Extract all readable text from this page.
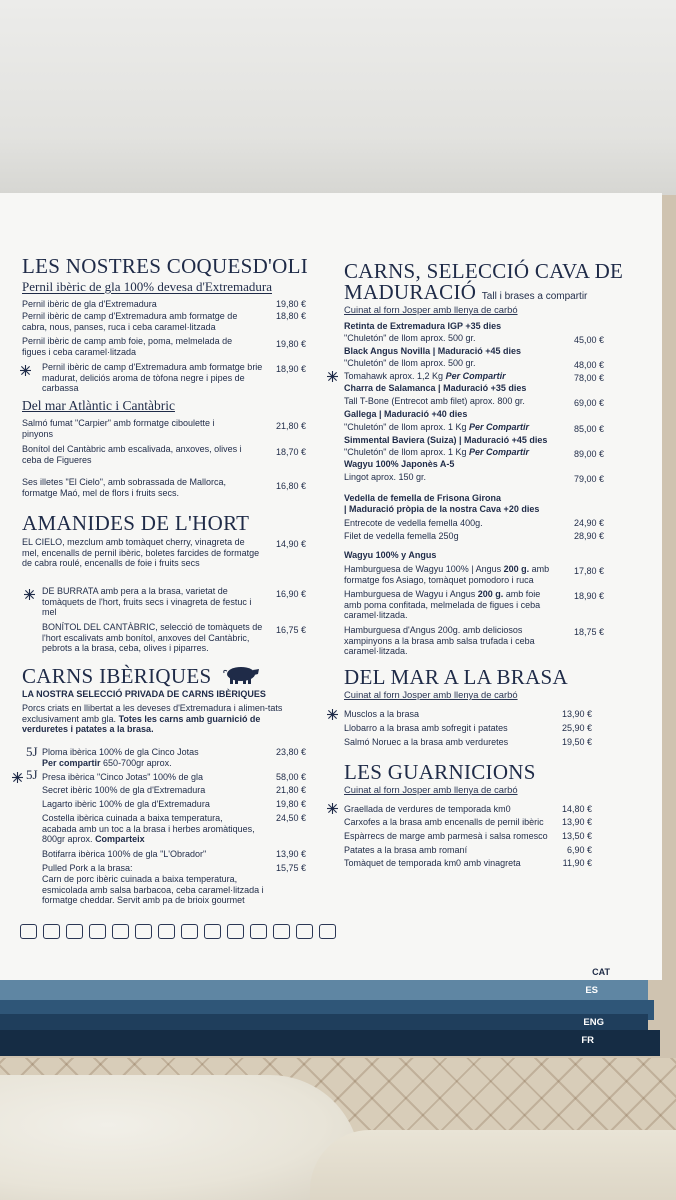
LES NOSTRES COQUESD'OLI
Pernil ibèric de gla 100% devesa d'Extremadura
Pernil ibèric de gla d'Extremadura	19,80 €
Pernil ibèric de camp d'Extremadura amb formatge de cabra, nous, panses, ruca i ceba caramel·litzada
18,80 €
Pernil ibèric de camp amb foie, poma, melmelada de figues i ceba caramel·litzada
19,80 €
Pernil ibèric de camp d'Extremadura amb formatge brie madurat, deliciós aroma de tòfona negre i pipes de carbassa
18,90 €
Del mar Atlàntic i Cantàbric
Salmó fumat "Carpier" amb formatge ciboulette i pinyons
21,80 €
Bonítol del Cantàbric amb escalivada, anxoves, olives i ceba de Figueres
18,70 €
Ses illetes "El Cielo", amb sobrassada de Mallorca, formatge Maó, mel de flors i fruits secs.
16,80 €
AMANIDES DE L'HORT
EL CIELO, mezclum amb tomàquet cherry, vinagreta de mel, encenalls de pernil ibèric, boletes farcides de formatge de cabra roulé, encenalls de foie i fruits secs
14,90 €
DE BURRATA amb pera a la brasa, varietat de tomàquets de l'hort, fruits secs i vinagreta de festuc i mel
16,90 €
BONÍTOL DEL CANTÀBRIC, selecció de tomàquets de l'hort escalivats amb bonítol, anxoves del Cantàbric, pebrots a la brasa, ceba, olives i piparres.
16,75 €
CARNS IBÈRIQUES
LA NOSTRA SELECCIÓ PRIVADA DE CARNS IBÈRIQUES
Porcs criats en llibertat a les deveses d'Extremadura i alimen-tats exclusivament amb gla. Totes les carns amb guarnició de verduretes i patates a la brasa.
5J Ploma ibèrica 100% de gla Cinco Jotas	23,80 €
Per compartir 650-700gr aprox.
5J Presa ibèrica "Cinco Jotas" 100% de gla	58,00 €
Secret ibèric 100% de gla d'Extremadura	21,80 €
Lagarto ibèric 100% de gla d'Extremadura	19,80 €
Costella ibèrica cuinada a baixa temperatura, acabada amb un toc a la brasa i herbes aromàtiques, 800gr aprox. Comparteix
24,50 €
Botifarra ibèrica 100% de gla "L'Obrador"	13,90 €
Pulled Pork a la brasa:	15,75 €
Carn de porc ibèric cuinada a baixa temperatura, esmicolada amb salsa barbacoa, ceba caramel·litzada i formatge cheddar. Servit amb pa de brioix gourmet
CARNS, SELECCIÓ CAVA DE
MADURACIÓ Tall i brases a compartir
Cuinat al forn Josper amb llenya de carbó
Retinta de Extremadura IGP +35 dies
"Chuletón" de llom aprox. 500 gr.	45,00 €
Black Angus Novilla | Maduració +45 dies
"Chuletón" de llom aprox. 500 gr.	48,00 €
Tomahawk aprox. 1,2 Kg Per Compartir	78,00 €
Charra de Salamanca | Maduració +35 dies
Tall T-Bone (Entrecot amb filet) aprox. 800 gr.	69,00 €
Gallega | Maduració +40 dies
"Chuletón" de llom aprox. 1 Kg Per Compartir	85,00 €
Simmental Baviera (Suiza) | Maduració +45 dies
"Chuletón" de llom aprox. 1 Kg Per Compartir	89,00 €
Wagyu 100% Japonès A-5
Lingot aprox. 150 gr.	79,00 €
Vedella de femella de Frisona Girona
| Maduració pròpia de la nostra Cava +20 dies
Entrecote de vedella femella 400g.	24,90 €
Filet de vedella femella 250g	28,90 €
Wagyu 100% y Angus
Hamburguesa de Wagyu 100% | Angus 200 g. amb formatge fos Asiago, tomàquet pomodoro i ruca
17,80 €
Hamburguesa de Wagyu i Angus 200 g. amb foie amb poma confitada, melmelada de figues i ceba caramel·litzada.
18,90 €
Hamburguesa d'Angus 200g. amb deliciosos xampinyons a la brasa amb salsa trufada i ceba caramel·litzada.
18,75 €
DEL MAR A LA BRASA
Cuinat al forn Josper amb llenya de carbó
Musclos a la brasa	13,90 €
Llobarro a la brasa amb sofregit i patates	25,90 €
Salmó Noruec a la brasa amb verduretes	19,50 €
LES GUARNICIONS
Cuinat al forn Josper amb llenya de carbó
Graellada de verdures de temporada km0	14,80 €
Carxofes a la brasa amb encenalls de pernil ibèric	13,90 €
Espàrrecs de marge amb parmesà i salsa romesco	13,50 €
Patates a la brasa amb romaní	6,90 €
Tomàquet de temporada km0 amb vinagreta	11,90 €
CAT
ES
ENG
FR
